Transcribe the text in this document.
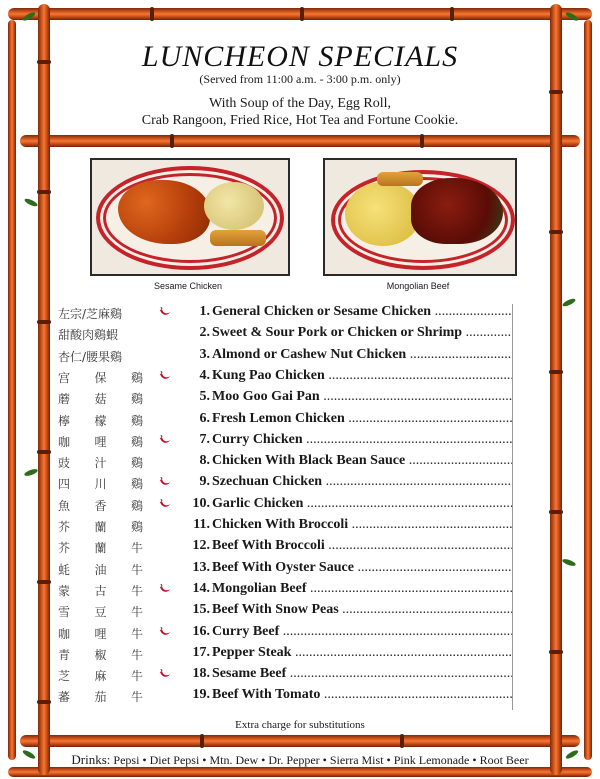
LUNCHEON SPECIALS
(Served from 11:00 a.m. - 3:00 p.m. only)
With Soup of the Day, Egg Roll,
Crab Rangoon, Fried Rice, Hot Tea and Fortune Cookie.
Sesame Chicken	Mongolian Beef
左宗/芝麻鷄	1. General Chicken or Sesame Chicken .....
甜酸肉鷄蝦	2. Sweet & Sour Pork or Chicken or Shrimp .....
杏仁/腰果鷄	3. Almond or Cashew Nut Chicken .....
宫 保 鷄	4. Kung Pao Chicken .....
蘑 菇 鷄	5. Moo Goo Gai Pan .....
檸 檬 鷄	6. Fresh Lemon Chicken .....
咖 哩 鷄	7. Curry Chicken .....
豉 汁 鷄	8. Chicken With Black Bean Sauce .....
四 川 鷄	9. Szechuan Chicken .....
魚 香 鷄	10. Garlic Chicken .....
芥 蘭 鷄	11. Chicken With Broccoli .....
芥 蘭 牛	12. Beef With Broccoli .....
蚝 油 牛	13. Beef With Oyster Sauce .....
蒙 古 牛	14. Mongolian Beef .....
雪 豆 牛	15. Beef With Snow Peas .....
咖 哩 牛	16. Curry Beef .....
青 椒 牛	17. Pepper Steak .....
芝 麻 牛	18. Sesame Beef .....
蕃 茄 牛	19. Beef With Tomato .....
Extra charge for substitutions
Drinks: Pepsi • Diet Pepsi • Mtn. Dew • Dr. Pepper • Sierra Mist • Pink Lemonade • Root Beer
